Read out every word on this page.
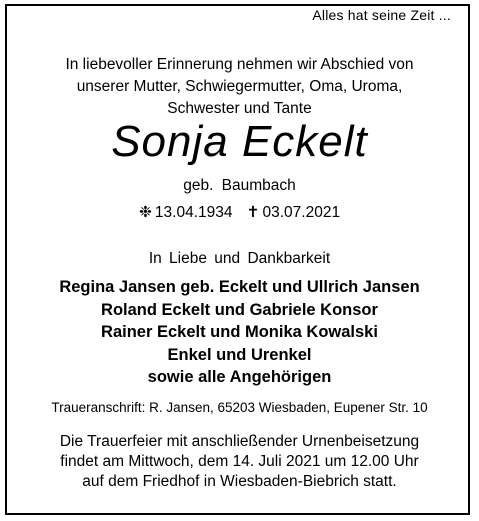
Alles hat seine Zeit ...
In liebevoller Erinnerung nehmen wir Abschied von
unserer Mutter, Schwiegermutter, Oma, Uroma,
Schwester und Tante
Sonja Eckelt
geb. Baumbach
❉ 13.04.1934 ✝ 03.07.2021
In Liebe und Dankbarkeit
Regina Jansen geb. Eckelt und Ullrich Jansen
Roland Eckelt und Gabriele Konsor
Rainer Eckelt und Monika Kowalski
Enkel und Urenkel
sowie alle Angehörigen
Traueranschrift: R. Jansen, 65203 Wiesbaden, Eupener Str. 10
Die Trauerfeier mit anschließender Urnenbeisetzung
findet am Mittwoch, dem 14. Juli 2021 um 12.00 Uhr
auf dem Friedhof in Wiesbaden-Biebrich statt.
